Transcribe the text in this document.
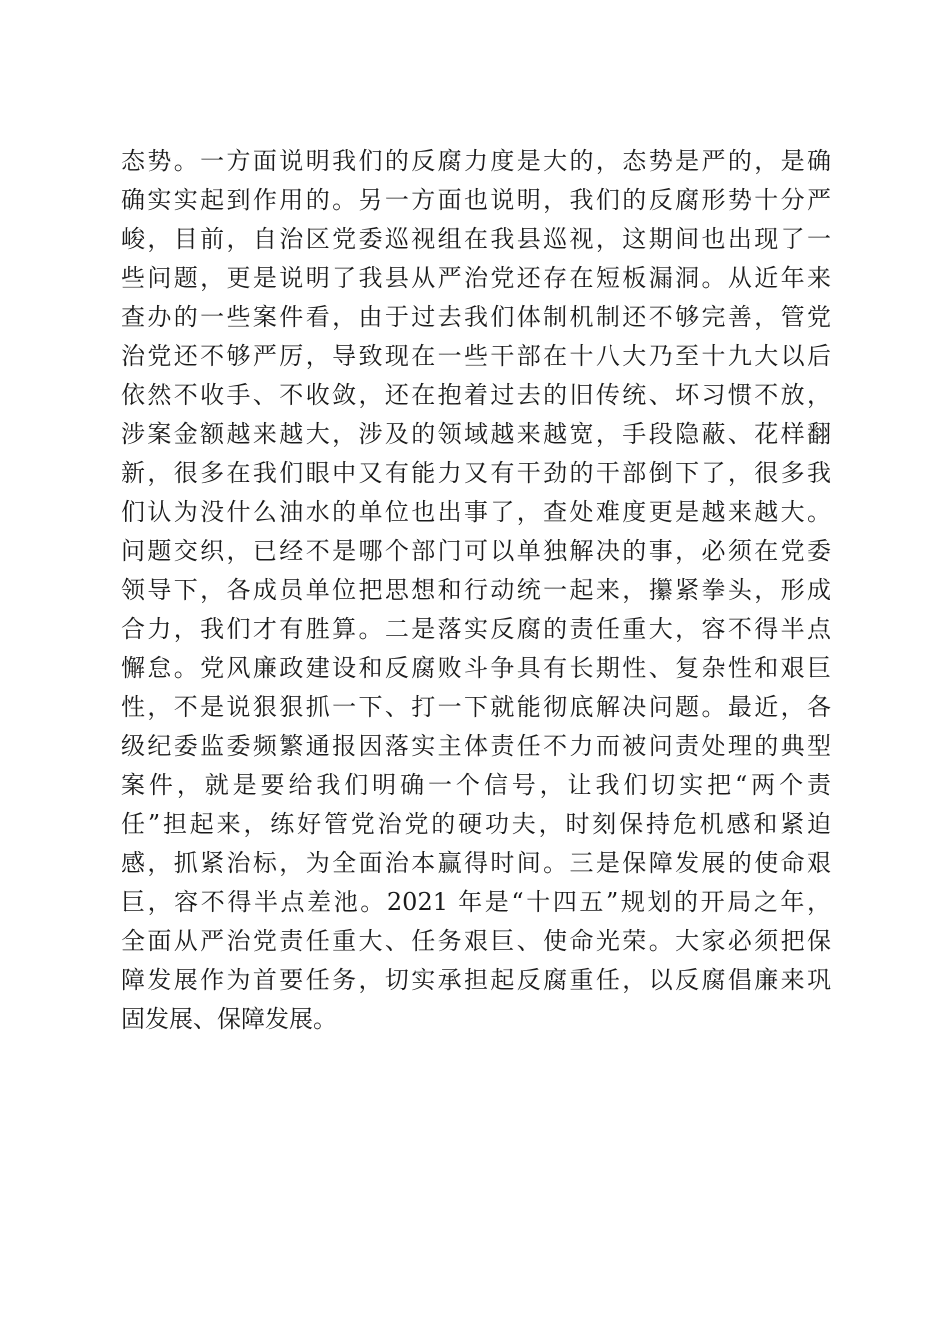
态势。一方面说明我们的反腐力度是大的，态势是严的，是确
确实实起到作用的。另一方面也说明，我们的反腐形势十分严
峻，目前，自治区党委巡视组在我县巡视，这期间也出现了一
些问题，更是说明了我县从严治党还存在短板漏洞。从近年来
查办的一些案件看，由于过去我们体制机制还不够完善，管党
治党还不够严厉，导致现在一些干部在十八大乃至十九大以后
依然不收手、不收敛，还在抱着过去的旧传统、坏习惯不放，
涉案金额越来越大，涉及的领域越来越宽，手段隐蔽、花样翻
新，很多在我们眼中又有能力又有干劲的干部倒下了，很多我
们认为没什么油水的单位也出事了，查处难度更是越来越大。
问题交织，已经不是哪个部门可以单独解决的事，必须在党委
领导下，各成员单位把思想和行动统一起来，攥紧拳头，形成
合力，我们才有胜算。二是落实反腐的责任重大，容不得半点
懈怠。党风廉政建设和反腐败斗争具有长期性、复杂性和艰巨
性，不是说狠狠抓一下、打一下就能彻底解决问题。最近，各
级纪委监委频繁通报因落实主体责任不力而被问责处理的典型
案件，就是要给我们明确一个信号，让我们切实把“两个责
任”担起来，练好管党治党的硬功夫，时刻保持危机感和紧迫
感，抓紧治标，为全面治本赢得时间。三是保障发展的使命艰
巨，容不得半点差池。2021 年是“十四五”规划的开局之年，
全面从严治党责任重大、任务艰巨、使命光荣。大家必须把保
障发展作为首要任务，切实承担起反腐重任，以反腐倡廉来巩
固发展、保障发展。
